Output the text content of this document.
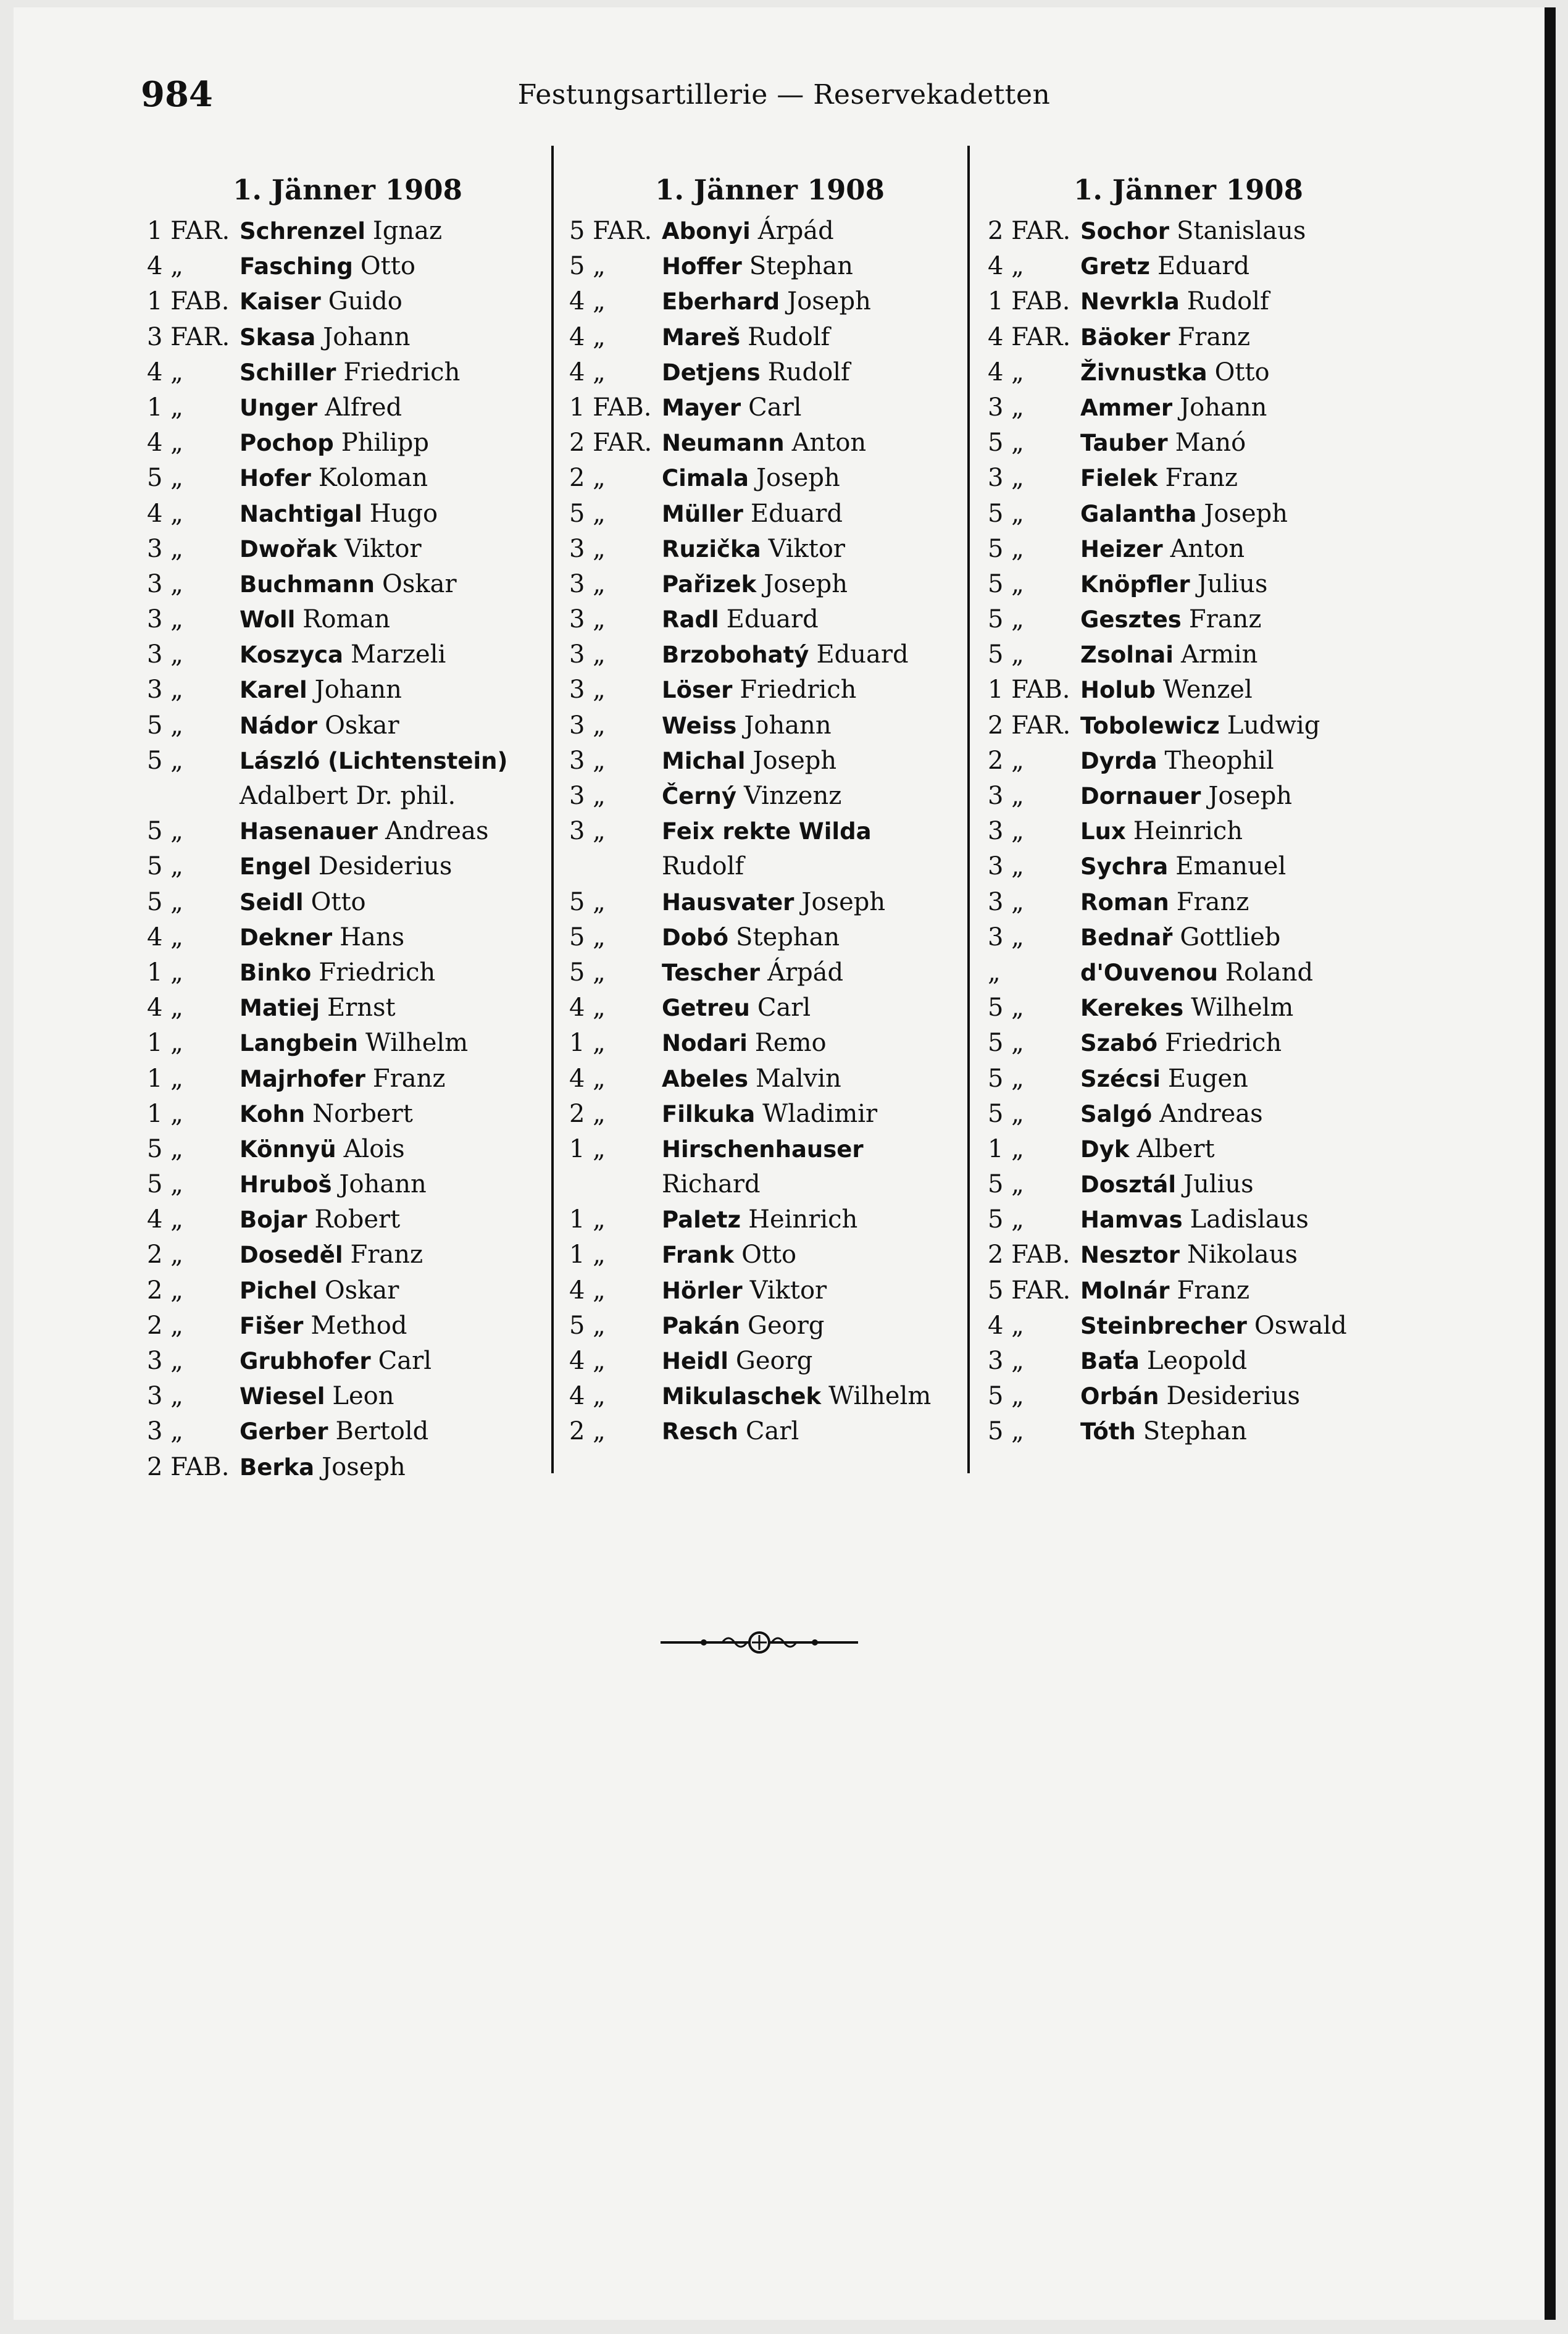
984	Festungsartillerie — Reservekadetten
1. Jänner 1908
1 FAR. Schrenzel Ignaz
4 „	Fasching Otto
1 FAB. Kaiser Guido
3 FAR. Skasa Johann
4 „	Schiller Friedrich
1 „	Unger Alfred
4 „	Pochop Philipp
5 „	Hofer Koloman
4 „	Nachtigal Hugo
3 „	Dwořak Viktor
3 „	Buchmann Oskar
3 „	Woll Roman
3 „	Koszyca Marzeli
3 „	Karel Johann
5 „	Nádor Oskar
5 „	László (Lichtenstein)
Adalbert Dr. phil.
5 „	Hasenauer Andreas
5 „	Engel Desiderius
5 „	Seidl Otto
4 „	Dekner Hans
1 „	Binko Friedrich
4 „	Matiej Ernst
1 „	Langbein Wilhelm
1 „	Majrhofer Franz
1 „	Kohn Norbert
5 „	Könnyü Alois
5 „	Hruboš Johann
4 „	Bojar Robert
2 „	Doseděl Franz
2 „	Pichel Oskar
2 „	Fišer Method
3 „	Grubhofer Carl
3 „	Wiesel Leon
3 „	Gerber Bertold
2 FAB. Berka Joseph
1. Jänner 1908
5 FAR. Abonyi Árpád
5 „	Hoffer Stephan
4 „	Eberhard Joseph
4 „	Mareš Rudolf
4 „	Detjens Rudolf
1 FAB. Mayer Carl
2 FAR. Neumann Anton
2 „	Cimala Joseph
5 „	Müller Eduard
3 „	Ruzička Viktor
3 „	Pařizek Joseph
3 „	Radl Eduard
3 „	Brzobohatý Eduard
3 „	Löser Friedrich
3 „	Weiss Johann
3 „	Michal Joseph
3 „	Černý Vinzenz
3 „	Feix rekte Wilda
Rudolf
5 „	Hausvater Joseph
5 „	Dobó Stephan
5 „	Tescher Árpád
4 „	Getreu Carl
1 „	Nodari Remo
4 „	Abeles Malvin
2 „	Filkuka Wladimir
1 „	Hirschenhauser
Richard
1 „	Paletz Heinrich
1 „	Frank Otto
4 „	Hörler Viktor
5 „	Pakán Georg
4 „	Heidl Georg
4 „	Mikulaschek Wilhelm
2 „	Resch Carl
1. Jänner 1908
2 FAR. Sochor Stanislaus
4 „	Gretz Eduard
1 FAB. Nevrkla Rudolf
4 FAR. Bäoker Franz
4 „	Živnustka Otto
3 „	Ammer Johann
5 „	Tauber Manó
3 „	Fielek Franz
5 „	Galantha Joseph
5 „	Heizer Anton
5 „	Knöpfler Julius
5 „	Gesztes Franz
5 „	Zsolnai Armin
1 FAB. Holub Wenzel
2 FAR. Tobolewicz Ludwig
2 „	Dyrda Theophil
3 „	Dornauer Joseph
3 „	Lux Heinrich
3 „	Sychra Emanuel
3 „	Roman Franz
3 „	Bednař Gottlieb
„	d'Ouvenou Roland
5 „	Kerekes Wilhelm
5 „	Szabó Friedrich
5 „	Szécsi Eugen
5 „	Salgó Andreas
1 „	Dyk Albert
5 „	Dosztál Julius
5 „	Hamvas Ladislaus
2 FAB. Nesztor Nikolaus
5 FAR. Molnár Franz
4 „	Steinbrecher Oswald
3 „	Baťa Leopold
5 „	Orbán Desiderius
5 „	Tóth Stephan
